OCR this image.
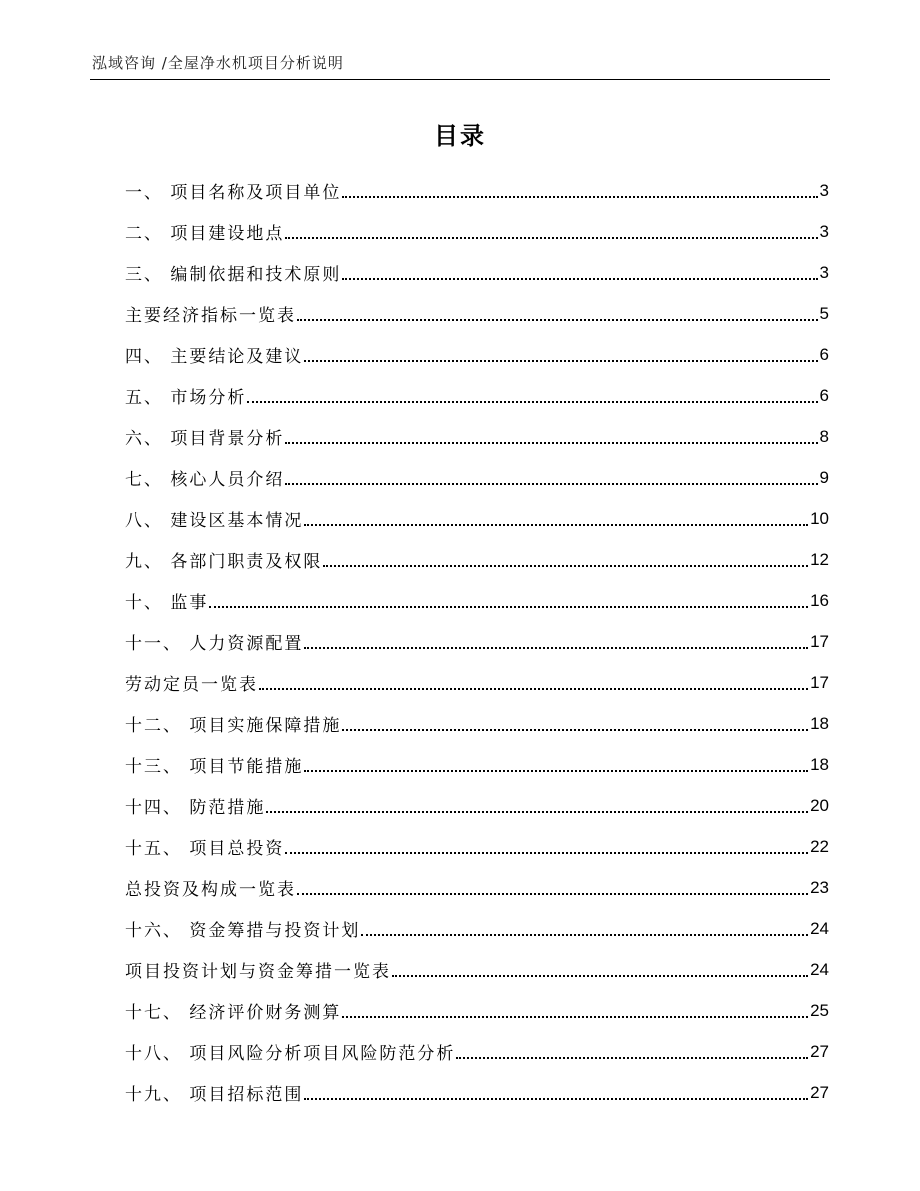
泓域咨询 /全屋净水机项目分析说明
目录
一、 项目名称及项目单位	3
二、 项目建设地点	3
三、 编制依据和技术原则	3
主要经济指标一览表	5
四、 主要结论及建议	6
五、 市场分析	6
六、 项目背景分析	8
七、 核心人员介绍	9
八、 建设区基本情况	10
九、 各部门职责及权限	12
十、 监事	16
十一、 人力资源配置	17
劳动定员一览表	17
十二、 项目实施保障措施	18
十三、 项目节能措施	18
十四、 防范措施	20
十五、 项目总投资	22
总投资及构成一览表	23
十六、 资金筹措与投资计划	24
项目投资计划与资金筹措一览表	24
十七、 经济评价财务测算	25
十八、 项目风险分析项目风险防范分析	27
十九、 项目招标范围	27
